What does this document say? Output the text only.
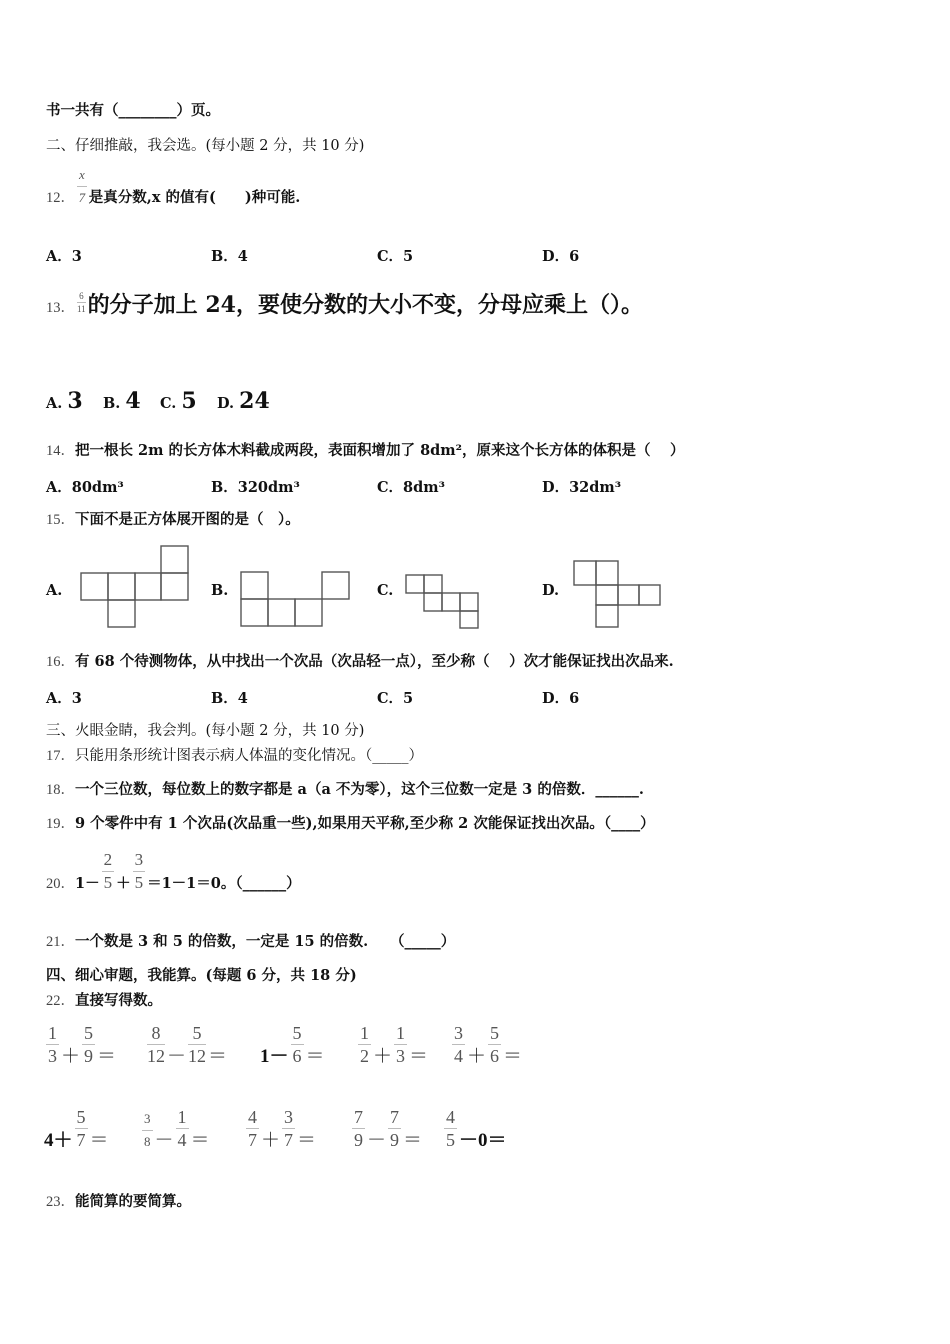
书一共有（________）页。
二、仔细推敲，我会选。(每小题 2 分，共 10 分)
12． $\frac{x}{7}$ 是真分数,x 的值有(　　)种可能.
A．3	B．4	C．5	D．6
13． $\frac{6}{11}$ 的分子加上 24，要使分数的大小不变，分母应乘上（）。
A. 3 B. 4 C. 5 D. 24
14．把一根长 2m 的长方体木料截成两段，表面积增加了 8dm²，原来这个长方体的体积是（　 ）
A．80dm³	B．320dm³	C．8dm³	D．32dm³
15．下面不是正方体展开图的是（　）。
A.	B.	C.	D.
16．有 68 个待测物体，从中找出一个次品（次品轻一点），至少称（　 ）次才能保证找出次品来.
A．3	B．4	C．5	D．6
三、火眼金睛，我会判。(每小题 2 分，共 10 分)
17．只能用条形统计图表示病人体温的变化情况。（_____）
18．一个三位数，每位数上的数字都是 a（a 不为零），这个三位数一定是 3 的倍数．______.
19．9 个零件中有 1 个次品(次品重一些),如果用天平称,至少称 2 次能保证找出次品。（____）
20．$1- \frac{2}{5} + \frac{3}{5} =1-1=0$。（______）
21．一个数是 3 和 5 的倍数，一定是 15 的倍数.　　（_____）
四、细心审题，我能算。(每题 6 分，共 18 分)
22．直接写得数。
$\frac{1}{3} + \frac{5}{9} = \frac{8}{12} - \frac{5}{12} = 1- \frac{5}{6} = \frac{1}{2} + \frac{1}{3} = \frac{3}{4} + \frac{5}{6}$ ＝
$4+ \frac{5}{7}$ ＝	$\frac{3}{8} - \frac{1}{4} = \frac{4}{7} + \frac{3}{7} = \frac{7}{9} - \frac{7}{9} = \frac{4}{5} -0=$
23．能简算的要简算。
